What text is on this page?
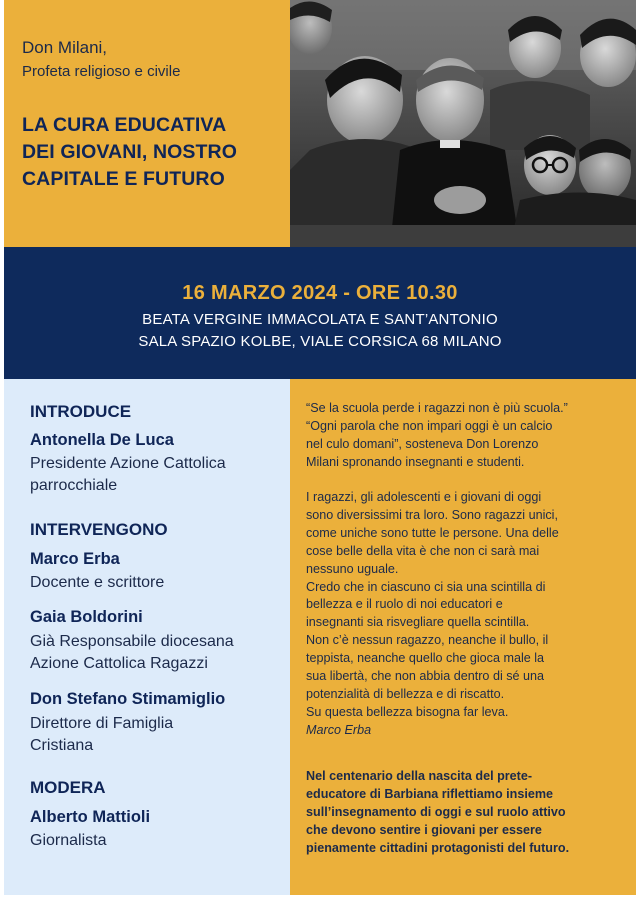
Don Milani,
Profeta religioso e civile
LA CURA EDUCATIVA
DEI GIOVANI, NOSTRO
CAPITALE E FUTURO
16 MARZO 2024 - ORE 10.30
BEATA VERGINE IMMACOLATA E SANT’ANTONIO
SALA SPAZIO KOLBE, VIALE CORSICA 68 MILANO
INTRODUCE
Antonella De Luca
Presidente Azione Cattolica
parrocchiale
INTERVENGONO
Marco Erba
Docente e scrittore
Gaia Boldorini
Già Responsabile diocesana
Azione Cattolica Ragazzi
Don Stefano Stimamiglio
Direttore di Famiglia
Cristiana
MODERA
Alberto Mattioli
Giornalista
“Se la scuola perde i ragazzi non è più scuola.”
“Ogni parola che non impari oggi è un calcio
nel culo domani”, sosteneva Don Lorenzo
Milani spronando insegnanti e studenti.
I ragazzi, gli adolescenti e i giovani di oggi
sono diversissimi tra loro. Sono ragazzi unici,
come uniche sono tutte le persone. Una delle
cose belle della vita è che non ci sarà mai
nessuno uguale.
Credo che in ciascuno ci sia una scintilla di
bellezza e il ruolo di noi educatori e
insegnanti sia risvegliare quella scintilla.
Non c’è nessun ragazzo, neanche il bullo, il
teppista, neanche quello che gioca male la
sua libertà, che non abbia dentro di sé una
potenzialità di bellezza e di riscatto.
Su questa bellezza bisogna far leva.
Marco Erba
Nel centenario della nascita del prete-
educatore di Barbiana riflettiamo insieme
sull’insegnamento di oggi e sul ruolo attivo
che devono sentire i giovani per essere
pienamente cittadini protagonisti del futuro.
